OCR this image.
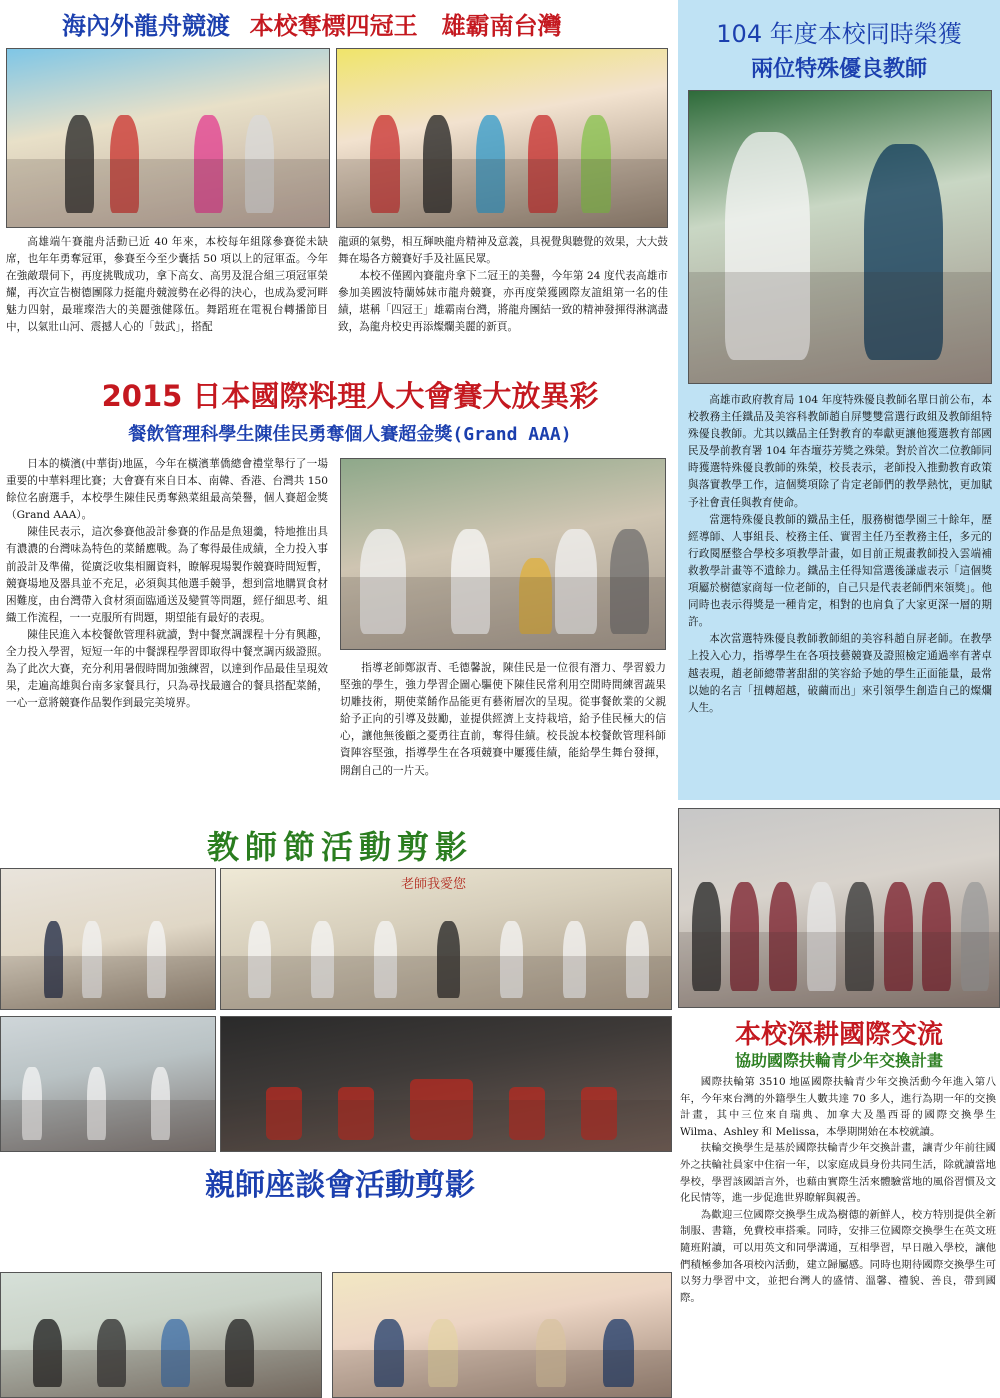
海內外龍舟競渡 本校奪標四冠王　雄霸南台灣
高雄端午賽龍舟活動已近 40 年來，本校每年組隊參賽從未缺席，也年年勇奪冠軍，參賽至今至少囊括 50 項以上的冠軍盃。今年在強敵環伺下，再度挑戰成功，拿下高女、高男及混合組三項冠軍榮耀，再次宣告樹德團隊力挺龍舟競渡勢在必得的決心，也成為愛河畔魅力四射，最璀璨浩大的美麗強健隊伍。舞蹈班在電視台轉播節目中，以氣壯山河、震撼人心的「鼓武」，搭配

龍頭的氣勢，相互輝映龍舟精神及意義，具視覺與聽覺的效果，大大鼓舞在場各方競賽好手及社區民眾。

本校不僅國內賽龍舟拿下二冠王的美譽，今年第 24 度代表高雄市參加美國波特蘭姊妹市龍舟競賽，亦再度榮獲國際友誼組第一名的佳績，堪稱「四冠王」雄霸南台灣，將龍舟團結一致的精神發揮得淋漓盡致，為龍舟校史再添燦爛美麗的新頁。

2015 日本國際料理人大會賽大放異彩
餐飲管理科學生陳佳民勇奪個人賽超金獎(Grand AAA)

日本的橫濱(中華街)地區，今年在橫濱華僑總會禮堂舉行了一場重要的中華料理比賽；大會賽有來自日本、南韓、香港、台灣共 150 餘位名廚選手，本校學生陳佳民勇奪熱菜組最高榮譽，個人賽超金獎（Grand AAA）。

陳佳民表示，這次參賽他設計參賽的作品是魚翅羹，特地推出具有濃濃的台灣味為特色的菜餚應戰。為了奪得最佳成績，全力投入事前設計及準備，從廣泛收集相關資料，瞭解現場製作競賽時間短暫，競賽場地及器具並不充足，必須與其他選手競爭，想到當地購買食材困難度，由台灣帶入食材須面臨通送及變質等問題，經仔細思考、組織工作流程，一一克服所有問題，期望能有最好的表現。

陳佳民進入本校餐飲管理科就讀，對中餐烹調課程十分有興趣，全力投入學習，短短一年的中餐課程學習即取得中餐烹調丙級證照。為了此次大賽，充分利用暑假時間加強練習，以達到作品最佳呈現效果，走遍高雄與台南多家餐具行，只為尋找最適合的餐具搭配菜餚，一心一意將競賽作品製作到最完美境界。

指導老師鄭淑青、毛德馨說，陳佳民是一位很有潛力、學習毅力堅強的學生，強力學習企圖心驅使下陳佳民常利用空閒時間練習蔬果切雕技術，期使菜餚作品能更有藝術層次的呈現。從事餐飲業的父親給予正向的引導及鼓勵，並提供經濟上支持栽培，給予佳民極大的信心，讓他無後顧之憂勇往直前，奪得佳績。校長說本校餐飲管理科師資陣容堅強，指導學生在各項競賽中屢獲佳績，能給學生舞台發揮，開創自己的一片天。
104 年度本校同時榮獲
兩位特殊優良教師

高雄市政府教育局 104 年度特殊優良教師名單日前公布，本校教務主任鐵品及美容科教師趙自屏雙雙當選行政組及教師組特殊優良教師。尤其以鐵品主任對教育的奉獻更讓他獲選教育部國民及學前教育署 104 年杏壇芬芳獎之殊榮。對於首次二位教師同時獲選特殊優良教師的殊榮，校長表示，老師投入推動教育政策與落實教學工作，這個獎項除了肯定老師們的教學熱忱，更加賦予社會責任與教育使命。

當選特殊優良教師的鐵品主任，服務樹德學園三十餘年，歷經導師、人事組長、校務主任、實習主任乃至教務主任，多元的行政閱歷整合學校多項教學計畫，如目前正規畫教師投入雲端補救教學計畫等不遺餘力。鐵品主任得知當選後謙虛表示「這個獎項屬於樹德家商每一位老師的，自己只是代表老師們來領獎」。他同時也表示得獎是一種肯定，相對的也肩負了大家更深一層的期許。

本次當選特殊優良教師教師組的美容科趙自屏老師。在教學上投入心力，指導學生在各項技藝競賽及證照檢定通過率有著卓越表現，趙老師總帶著甜甜的笑容給予她的學生正面能量，最常以她的名言「扭轉超越，破繭而出」來引領學生創造自己的燦爛人生。

教師節活動剪影
老師我愛您
本校深耕國際交流
協助國際扶輪青少年交換計畫

國際扶輪第 3510 地區國際扶輪青少年交換活動今年進入第八年，今年來台灣的外籍學生人數共達 70 多人，進行為期一年的交換計畫，其中三位來自瑞典、加拿大及墨西哥的國際交換學生 Wilma、Ashley 和 Melissa，本學期開始在本校就讀。

扶輪交換學生是基於國際扶輪青少年交換計畫，讓青少年前往國外之扶輪社員家中住宿一年，以家庭成員身份共同生活，除就讀當地學校，學習該國語言外，也藉由實際生活來體驗當地的風俗習慣及文化民情等，進一步促進世界瞭解與親善。

為歡迎三位國際交換學生成為樹德的新鮮人，校方特別提供全新制服、書籍，免費校車搭乘。同時，安排三位國際交換學生在英文班隨班附讀，可以用英文和同學溝通，互相學習，早日融入學校，讓他們積極參加各項校內活動，建立歸屬感。同時也期待國際交換學生可以努力學習中文，並把台灣人的盛情、溫馨、禮貌、善良，帶到國際。

親師座談會活動剪影
